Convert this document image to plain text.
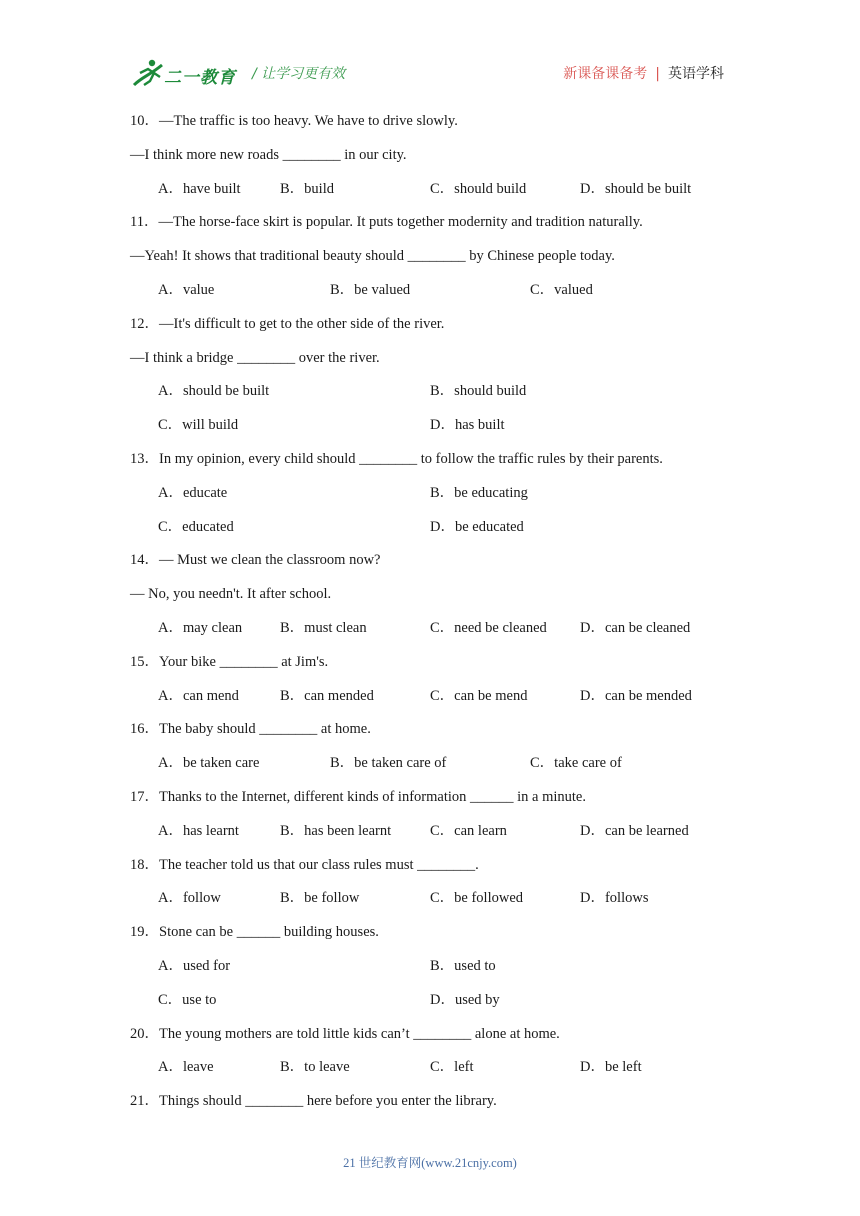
二一教育 / 让学习更有效	新课备课备考 | 英语学科
10．—The traffic is too heavy. We have to drive slowly.
—I think more new roads ________ in our city.
A．have built	B．build	C．should build	D．should be built
11．—The horse-face skirt is popular. It puts together modernity and tradition naturally.
—Yeah! It shows that traditional beauty should ________ by Chinese people today.
A．value	B．be valued	C．valued
12．—It's difficult to get to the other side of the river.
—I think a bridge ________ over the river.
A．should be built	B．should build
C．will build	D．has built
13．In my opinion, every child should ________ to follow the traffic rules by their parents.
A．educate	B．be educating
C．educated	D．be educated
14．— Must we clean the classroom now?
— No, you needn't. It after school.
A．may clean	B．must clean	C．need be cleaned D．can be cleaned
15．Your bike ________ at Jim's.
A．can mend	B．can mended	C．can be mend	D．can be mended
16．The baby should ________ at home.
A．be taken care	B．be taken care of	C．take care of
17．Thanks to the Internet, different kinds of information ______ in a minute.
A．has learnt	B．has been learnt	C．can learn	D．can be learned
18．The teacher told us that our class rules must ________.
A．follow	B．be follow	C．be followed	D．follows
19．Stone can be ______ building houses.
A．used for	B．used to
C．use to	D．used by
20．The young mothers are told little kids can’t ________ alone at home.
A．leave	B．to leave	C．left	D．be left
21．Things should ________ here before you enter the library.
21 世纪教育网(www.21cnjy.com)
